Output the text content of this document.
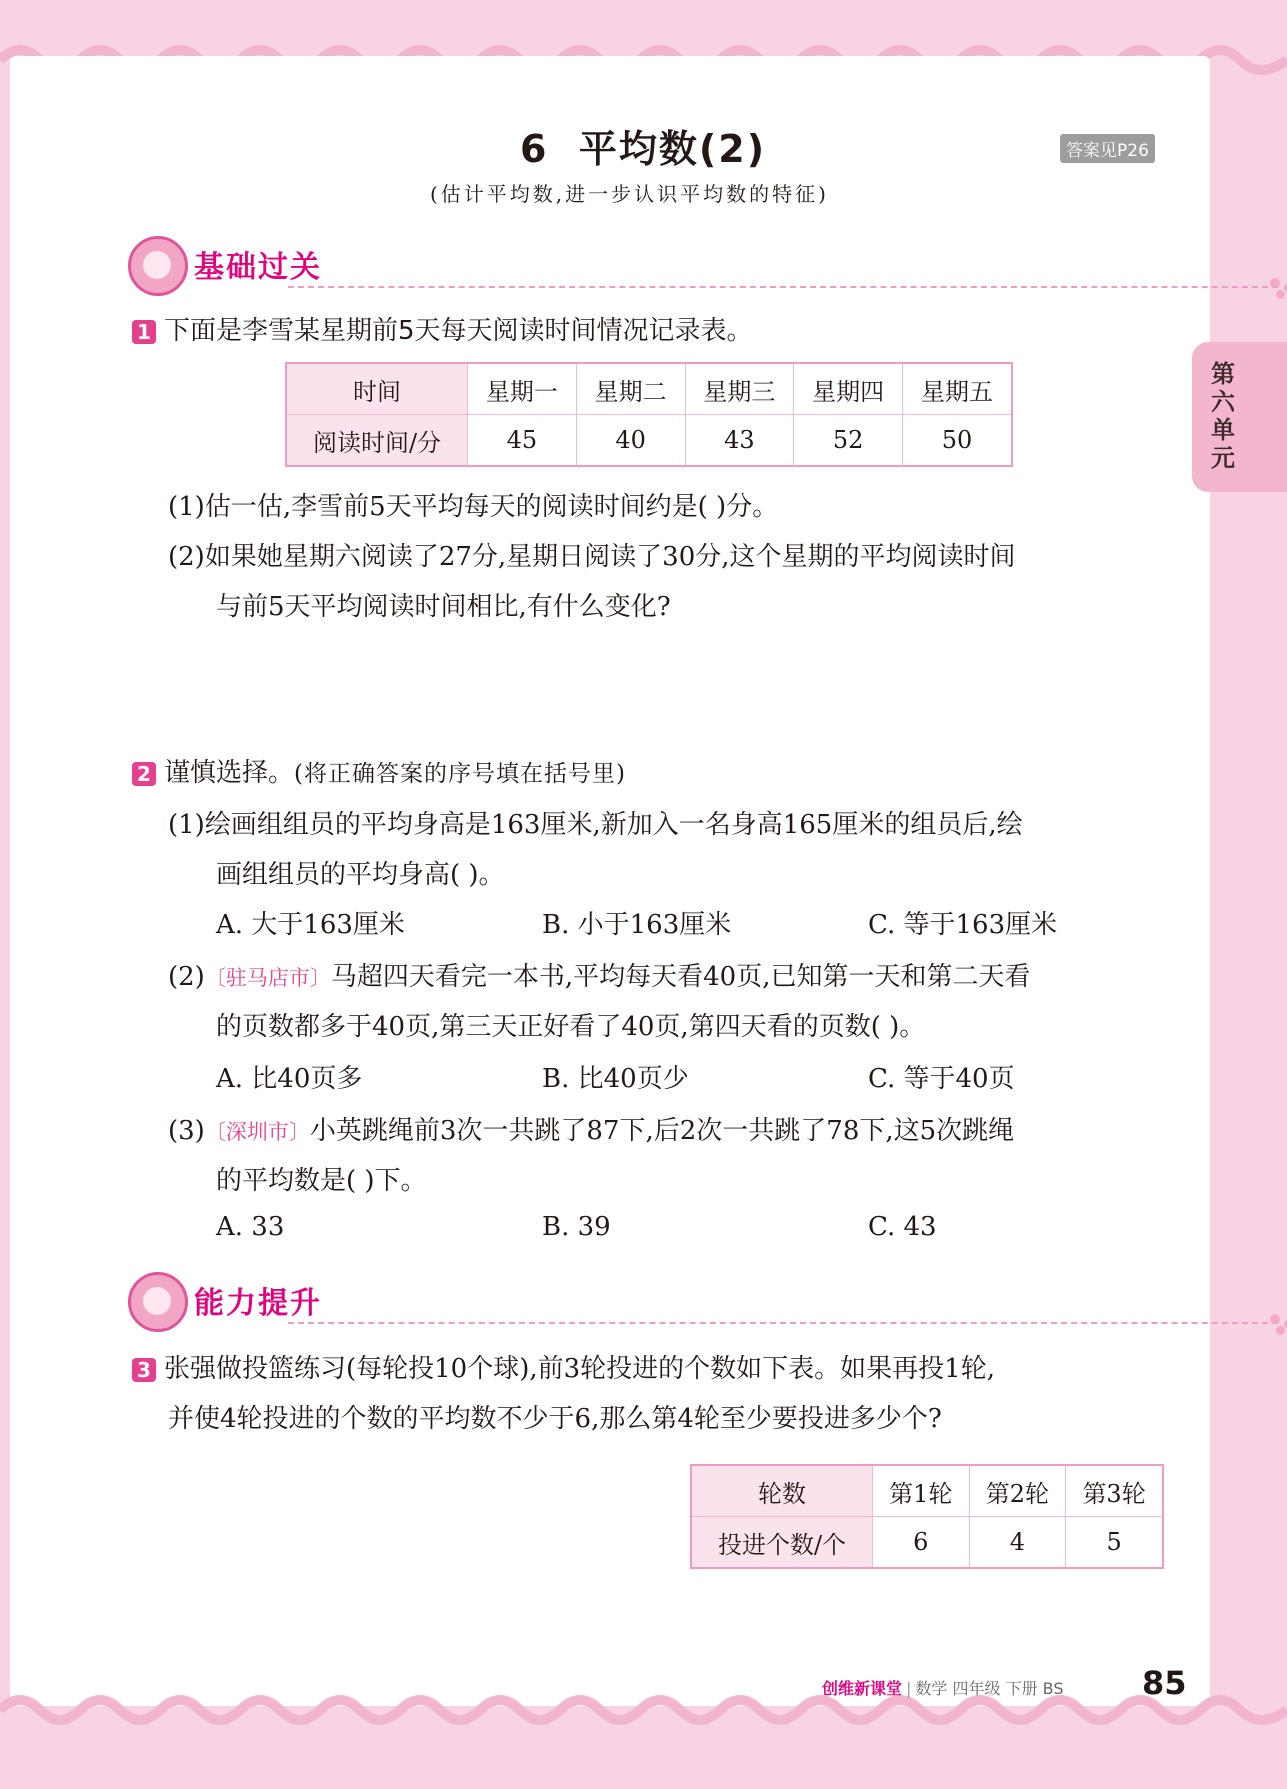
第六单元
6  平均数(2)	答案见P26
(估计平均数,进一步认识平均数的特征)
基础过关
1 下面是李雪某星期前5天每天阅读时间情况记录表。
时间	星期一	星期二	星期三	星期四	星期五
阅读时间/分	45	40	43	52	50
(1)估一估,李雪前5天平均每天的阅读时间约是( )分。
(2)如果她星期六阅读了27分,星期日阅读了30分,这个星期的平均阅读时间
与前5天平均阅读时间相比,有什么变化?
2 谨慎选择。(将正确答案的序号填在括号里)
(1)绘画组组员的平均身高是163厘米,新加入一名身高165厘米的组员后,绘
画组组员的平均身高( )。
A. 大于163厘米	B. 小于163厘米	C. 等于163厘米
(2)〔驻马店市〕马超四天看完一本书,平均每天看40页,已知第一天和第二天看
的页数都多于40页,第三天正好看了40页,第四天看的页数( )。
A. 比40页多	B. 比40页少	C. 等于40页
(3)〔深圳市〕小英跳绳前3次一共跳了87下,后2次一共跳了78下,这5次跳绳
的平均数是( )下。
A. 33	B. 39	C. 43
能力提升
3 张强做投篮练习(每轮投10个球),前3轮投进的个数如下表。如果再投1轮,
并使4轮投进的个数的平均数不少于6,那么第4轮至少要投进多少个?
轮数	第1轮	第2轮	第3轮
投进个数/个	6	4	5
创维新课堂 | 数学 四年级 下册 BS 85
